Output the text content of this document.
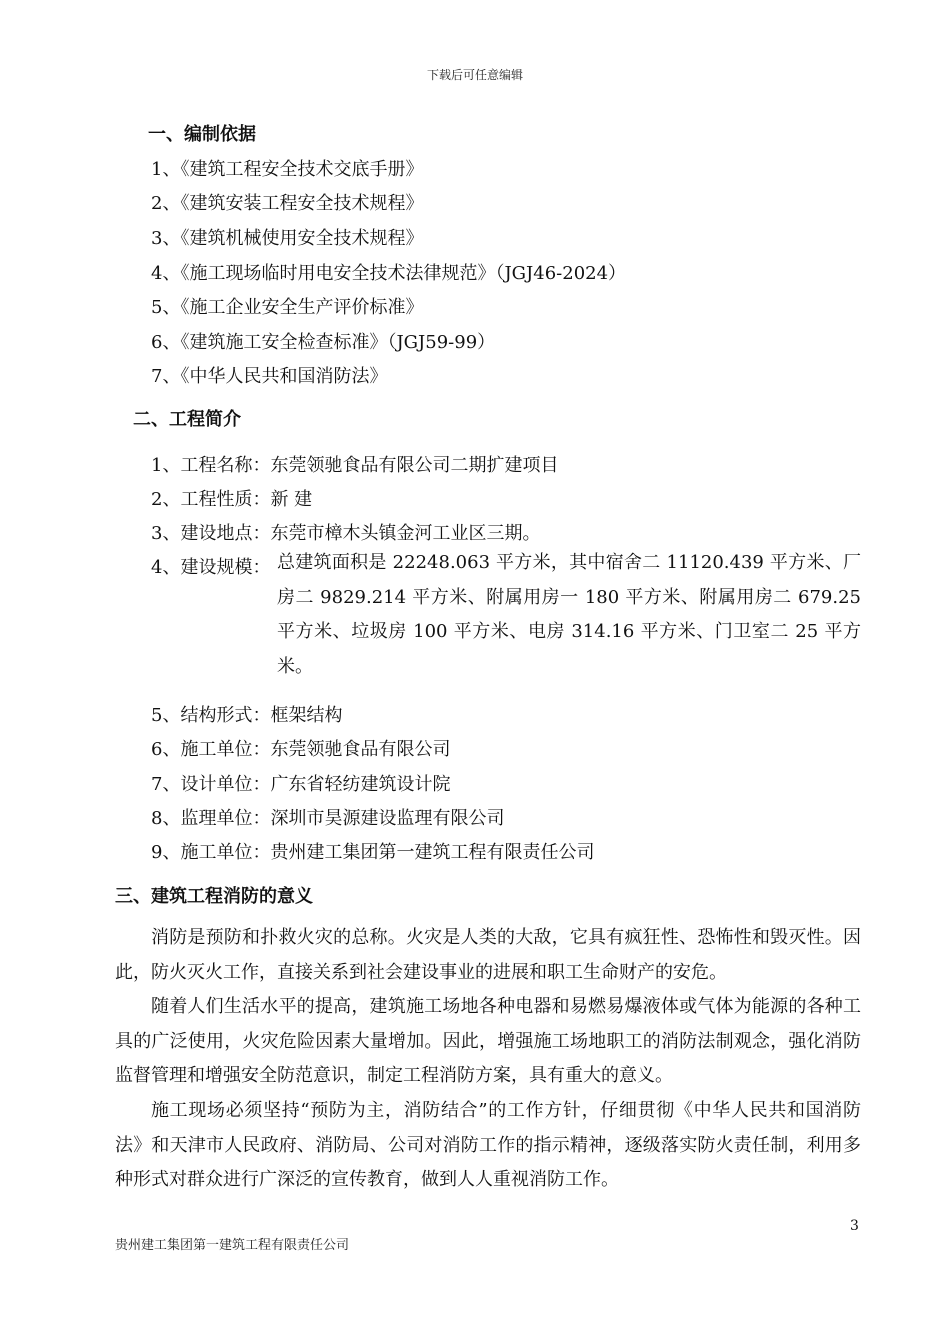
下载后可任意编辑
一、编制依据
1、《建筑工程安全技术交底手册》
2、《建筑安装工程安全技术规程》
3、《建筑机械使用安全技术规程》
4、《施工现场临时用电安全技术法律规范》（JGJ46-2024）
5、《施工企业安全生产评价标准》
6、《建筑施工安全检查标准》（JGJ59-99）
7、《中华人民共和国消防法》
二、工程简介
1、工程名称：东莞领驰食品有限公司二期扩建项目
2、工程性质：新 建
3、建设地点：东莞市樟木头镇金河工业区三期。
4、建设规模： 总建筑面积是 22248.063 平方米，其中宿舍二 11120.439 平方米、厂房二 9829.214 平方米、附属用房一 180 平方米、附属用房二 679.25 平方米、垃圾房 100 平方米、电房 314.16 平方米、门卫室二 25 平方米。
5、结构形式：框架结构
6、施工单位：东莞领驰食品有限公司
7、设计单位：广东省轻纺建筑设计院
8、监理单位：深圳市昊源建设监理有限公司
9、施工单位：贵州建工集团第一建筑工程有限责任公司
三、建筑工程消防的意义

消防是预防和扑救火灾的总称。火灾是人类的大敌，它具有疯狂性、恐怖性和毁灭性。因此，防火灭火工作，直接关系到社会建设事业的进展和职工生命财产的安危。

随着人们生活水平的提高，建筑施工场地各种电器和易燃易爆液体或气体为能源的各种工具的广泛使用，火灾危险因素大量增加。因此，增强施工场地职工的消防法制观念，强化消防监督管理和增强安全防范意识，制定工程消防方案，具有重大的意义。

施工现场必须坚持“预防为主，消防结合”的工作方针，仔细贯彻《中华人民共和国消防法》和天津市人民政府、消防局、公司对消防工作的指示精神，逐级落实防火责任制，利用多种形式对群众进行广深泛的宣传教育，做到人人重视消防工作。

3
贵州建工集团第一建筑工程有限责任公司
